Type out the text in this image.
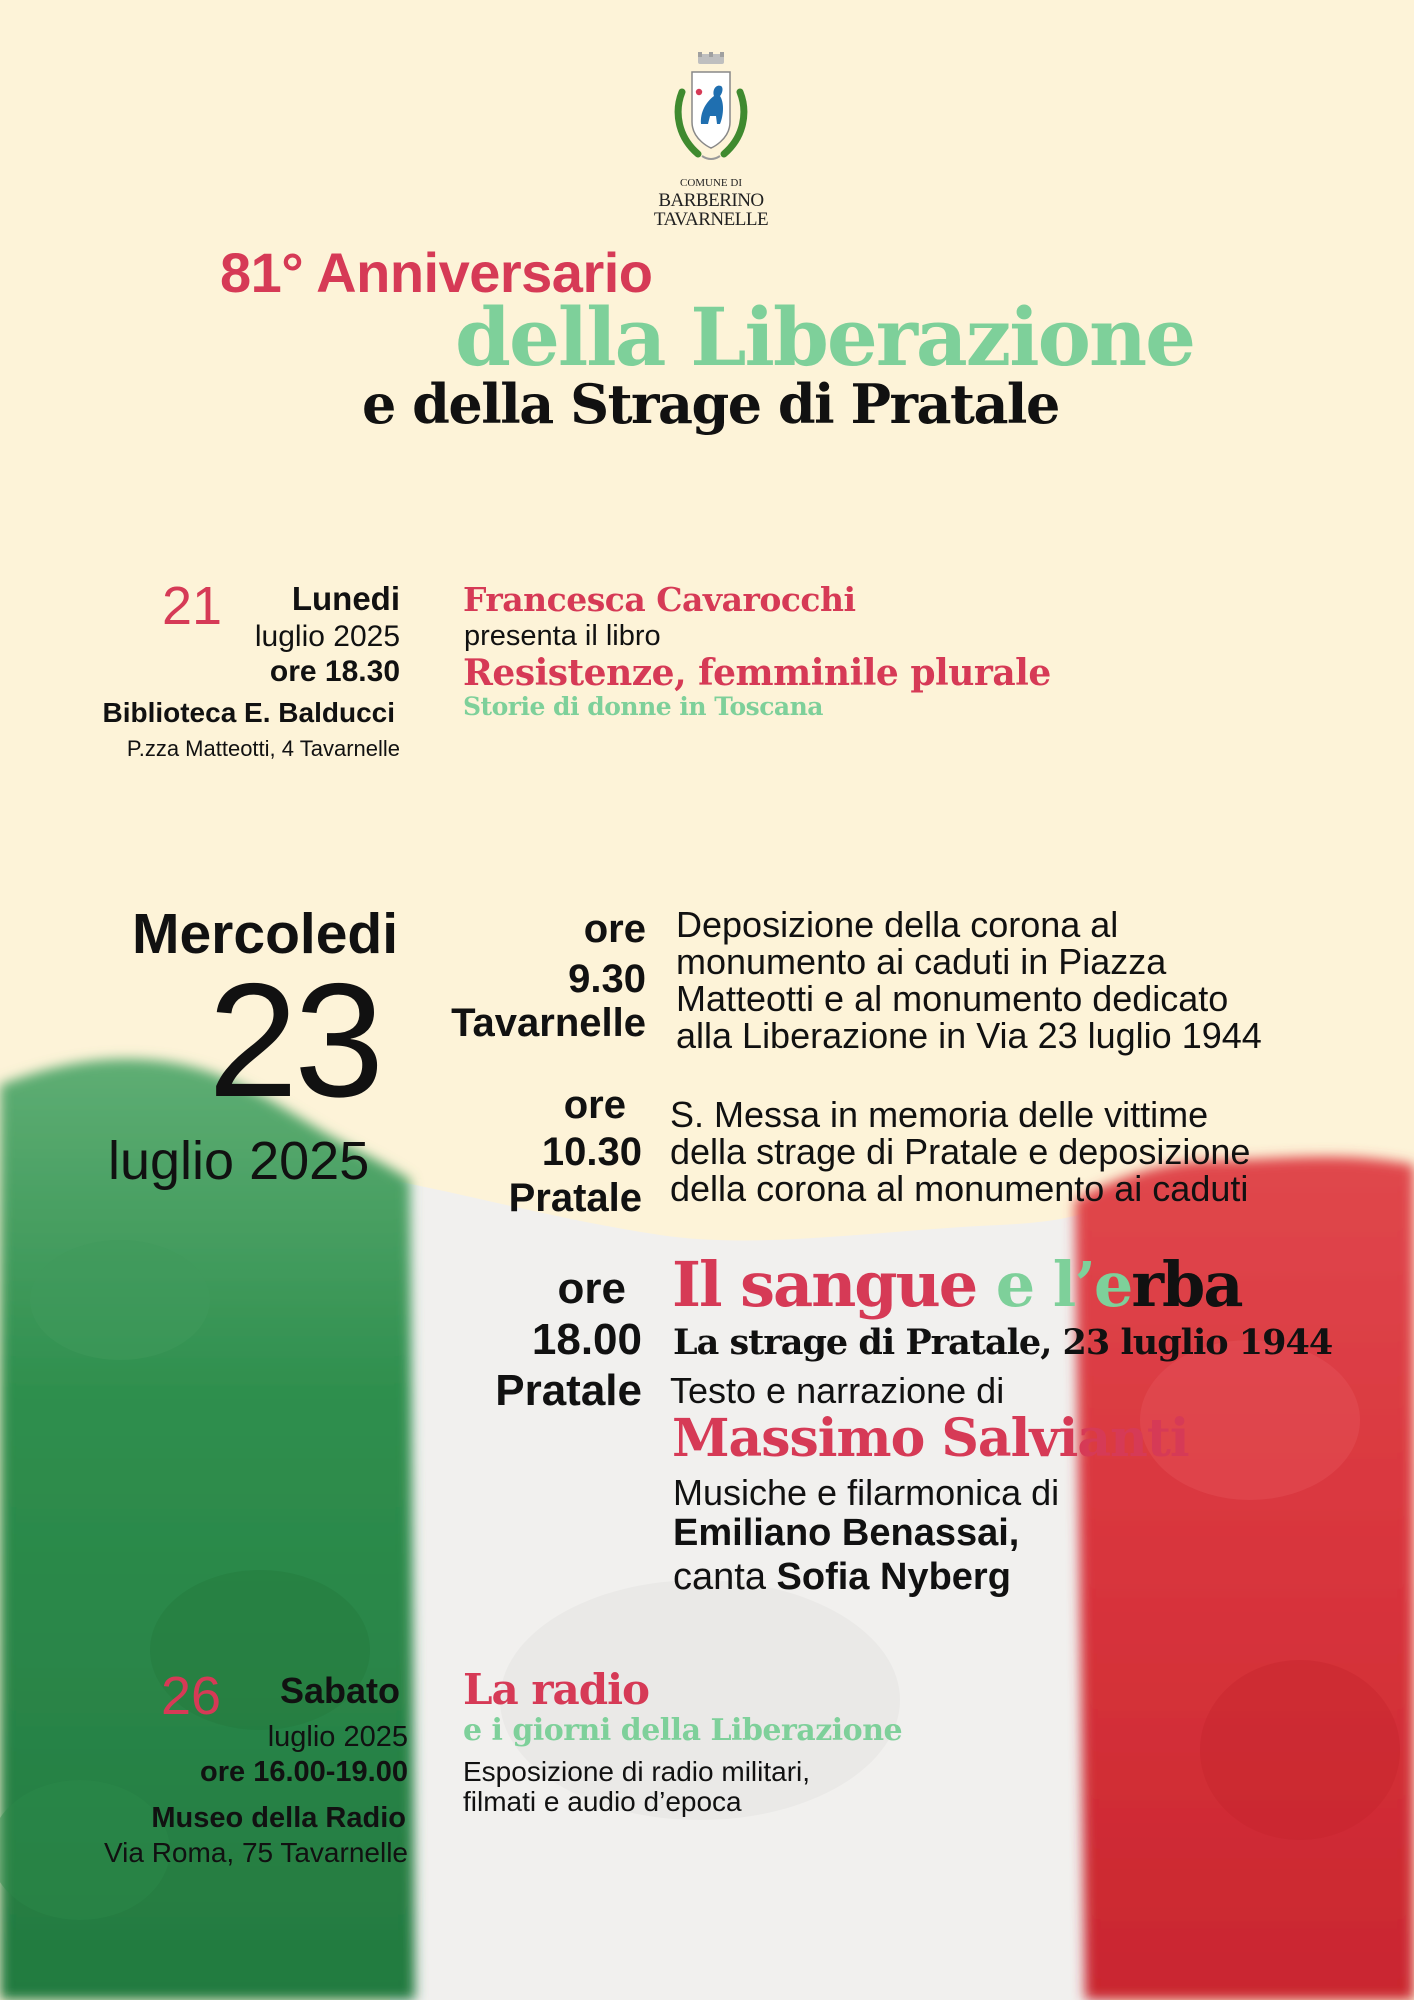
COMUNE DI
BARBERINO
TAVARNELLE
81° Anniversario
della Liberazione
e della Strage di Pratale
21	Lunedi
luglio 2025
ore 18.30
Biblioteca E. Balducci
P.zza Matteotti, 4 Tavarnelle
Francesca Cavarocchi
presenta il libro
Resistenze, femminile plurale
Storie di donne in Toscana
Mercoledi
23
luglio 2025
ore
9.30
Tavarnelle
Deposizione della corona al
monumento ai caduti in Piazza
Matteotti e al monumento dedicato
alla Liberazione in Via 23 luglio 1944
ore
10.30
Pratale
S. Messa in memoria delle vittime
della strage di Pratale e deposizione
della corona al monumento ai caduti
ore
18.00
Pratale
Il sangue e l’erba
La strage di Pratale, 23 luglio 1944
Testo e narrazione di
Massimo Salvianti
Musiche e filarmonica di
Emiliano Benassai,
canta Sofia Nyberg
26	Sabato
luglio 2025
ore 16.00-19.00
Museo della Radio
Via Roma, 75 Tavarnelle
La radio
e i giorni della Liberazione
Esposizione di radio militari,
filmati e audio d’epoca
